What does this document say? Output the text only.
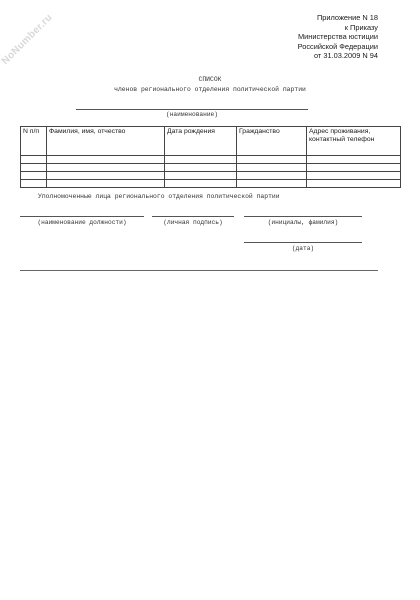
NoNumber.ru	Приложение N 18
к Приказу
Министерства юстиции
Российской Федерации
от 31.03.2009 N 94
СПИСОК
членов регионального отделения политической партии
(наименование)
N п/п	Фамилия, имя, отчество	Дата рождения	Гражданство	Адрес проживания, контактный телефон

Уполномоченные лица регионального отделения политической партии
(наименование должности)	(личная подпись)	(инициалы, фамилия)
(дата)
